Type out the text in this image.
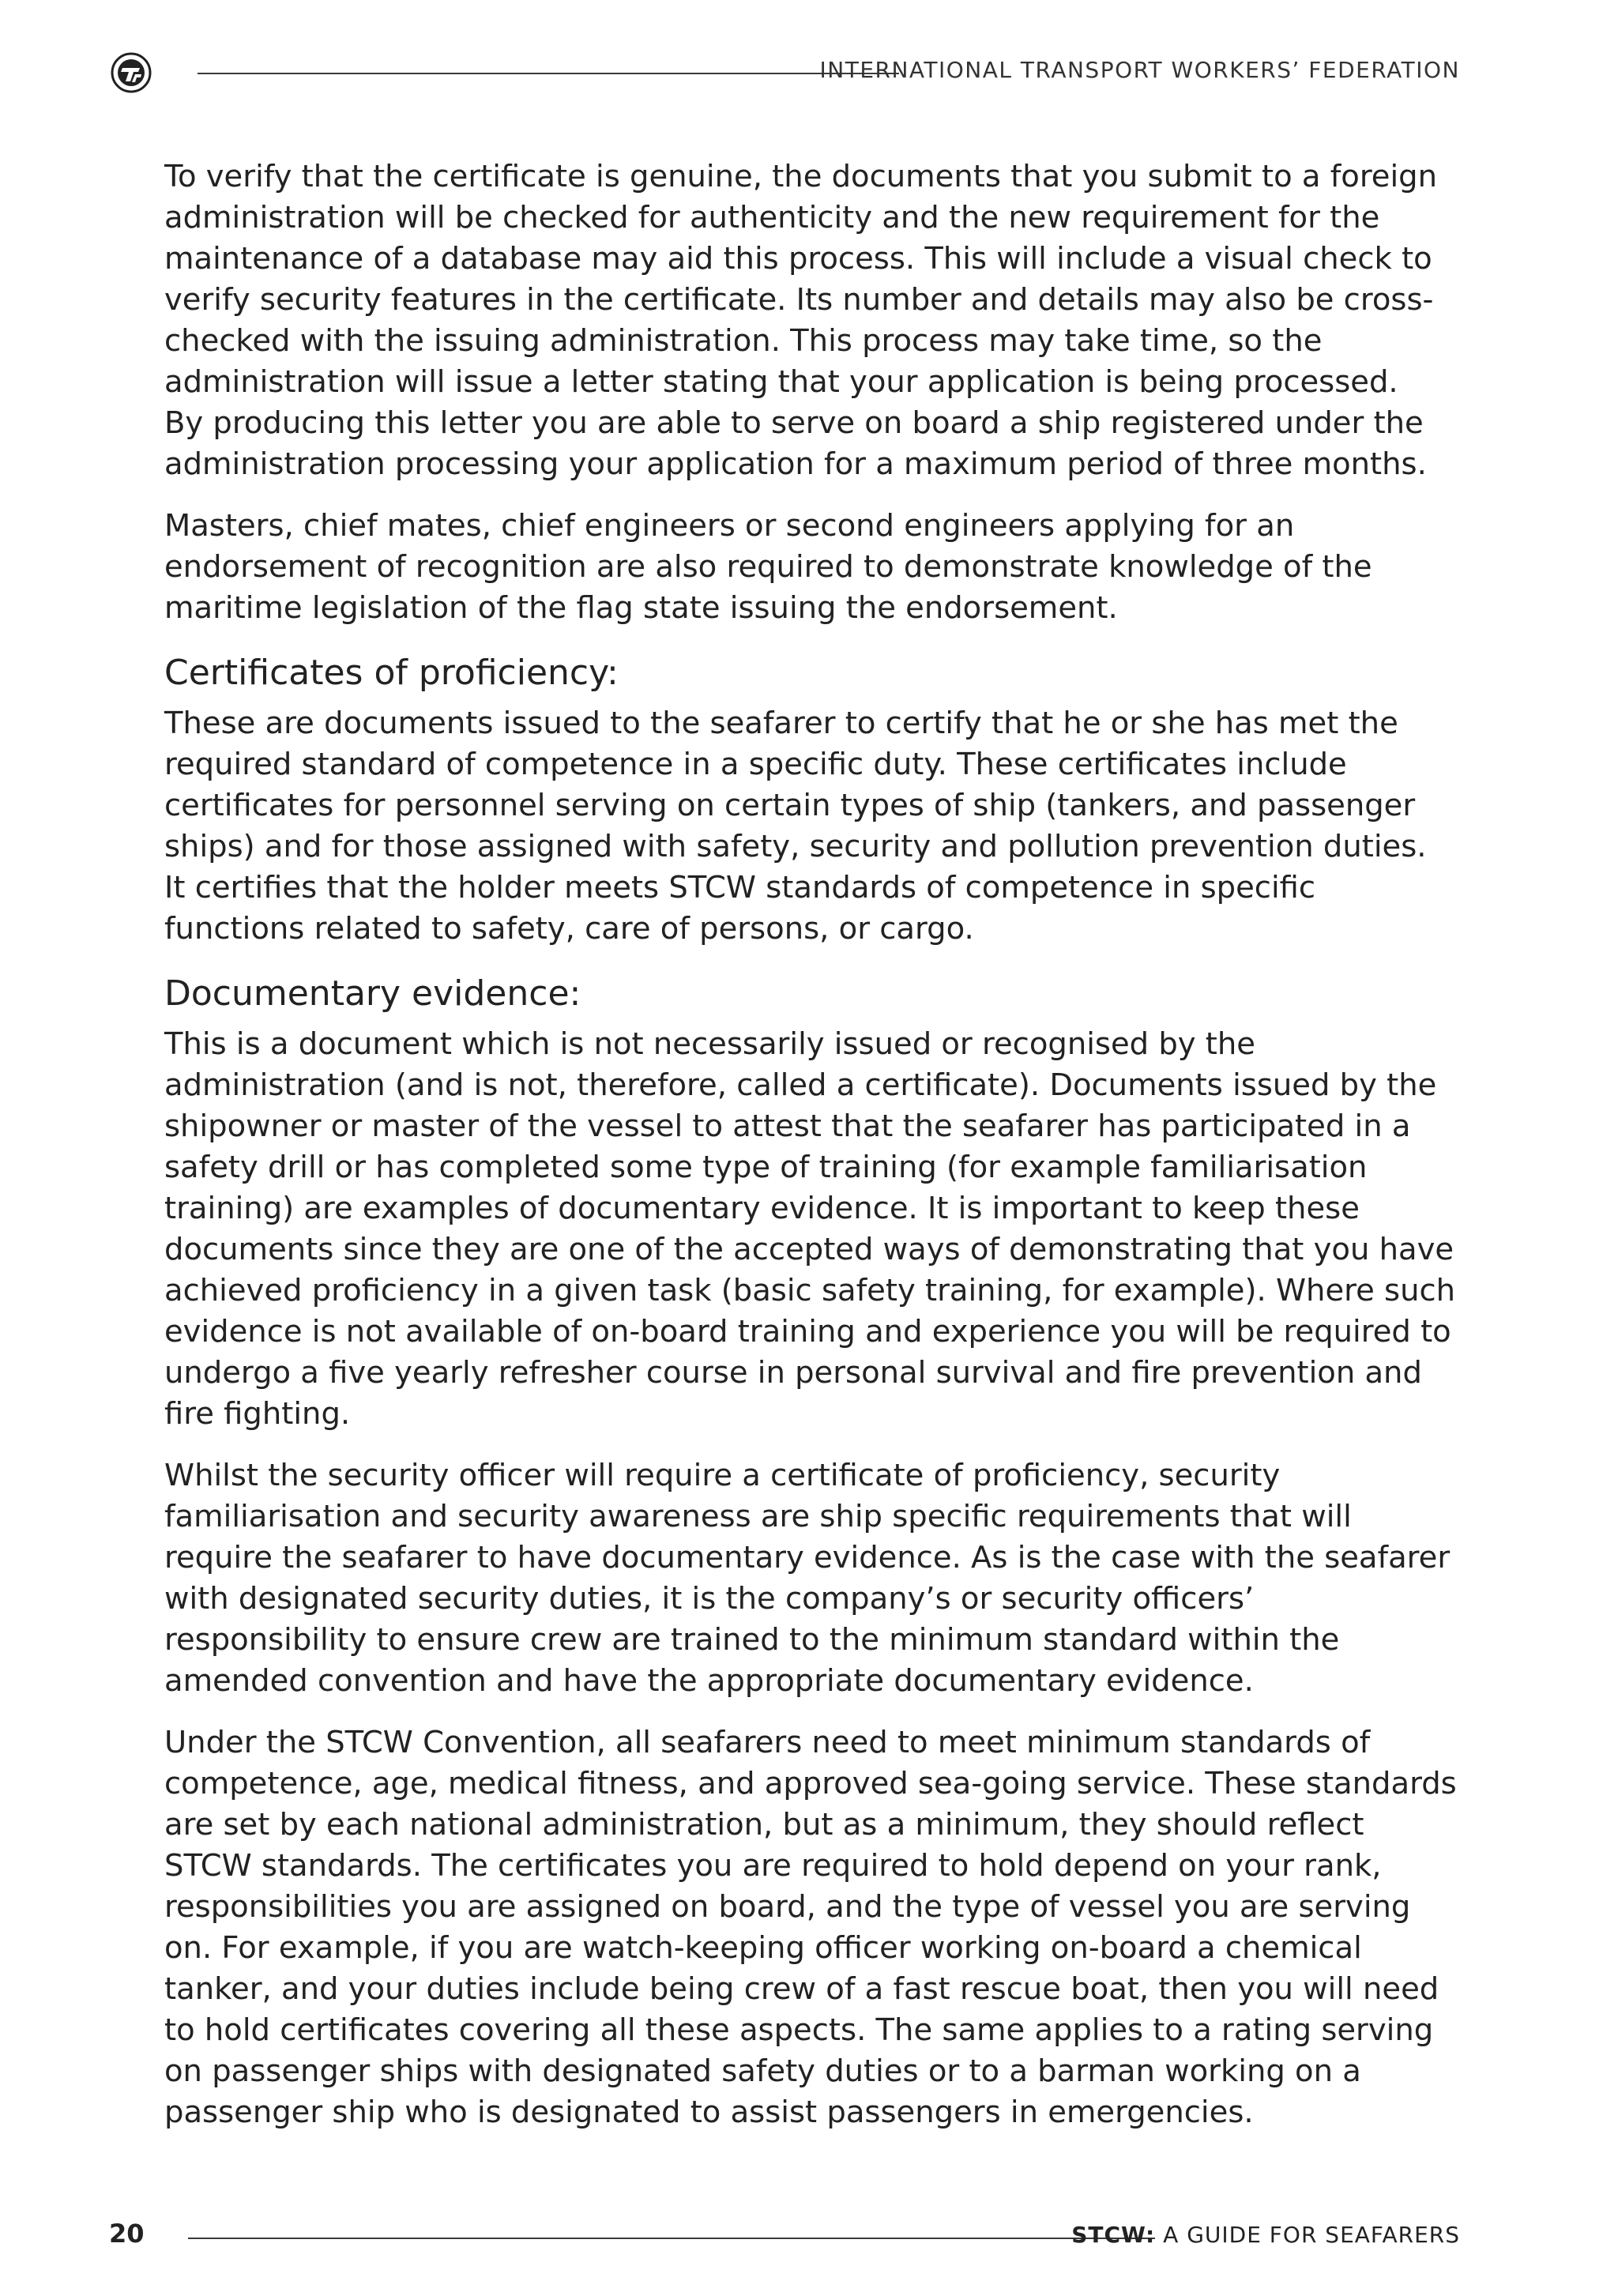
INTERNATIONAL TRANSPORT WORKERS’ FEDERATION

To verify that the certificate is genuine, the documents that you submit to a foreign administration will be checked for authenticity and the new requirement for the maintenance of a database may aid this process. This will include a visual check to verify security features in the certificate. Its number and details may also be cross-checked with the issuing administration. This process may take time, so the administration will issue a letter stating that your application is being processed.
By producing this letter you are able to serve on board a ship registered under the administration processing your application for a maximum period of three months.

Masters, chief mates, chief engineers or second engineers applying for an endorsement of recognition are also required to demonstrate knowledge of the maritime legislation of the flag state issuing the endorsement.

Certificates of proficiency:

These are documents issued to the seafarer to certify that he or she has met the required standard of competence in a specific duty. These certificates include certificates for personnel serving on certain types of ship (tankers, and passenger ships) and for those assigned with safety, security and pollution prevention duties.
It certifies that the holder meets STCW standards of competence in specific functions related to safety, care of persons, or cargo.

Documentary evidence:

This is a document which is not necessarily issued or recognised by the administration (and is not, therefore, called a certificate). Documents issued by the shipowner or master of the vessel to attest that the seafarer has participated in a safety drill or has completed some type of training (for example familiarisation training) are examples of documentary evidence. It is important to keep these documents since they are one of the accepted ways of demonstrating that you have achieved proficiency in a given task (basic safety training, for example). Where such evidence is not available of on-board training and experience you will be required to undergo a five yearly refresher course in personal survival and fire prevention and fire fighting.

Whilst the security officer will require a certificate of proficiency, security familiarisation and security awareness are ship specific requirements that will require the seafarer to have documentary evidence. As is the case with the seafarer with designated security duties, it is the company’s or security officers’ responsibility to ensure crew are trained to the minimum standard within the amended convention and have the appropriate documentary evidence.

Under the STCW Convention, all seafarers need to meet minimum standards of competence, age, medical fitness, and approved sea-going service. These standards are set by each national administration, but as a minimum, they should reflect STCW standards. The certificates you are required to hold depend on your rank, responsibilities you are assigned on board, and the type of vessel you are serving on. For example, if you are watch-keeping officer working on-board a chemical tanker, and your duties include being crew of a fast rescue boat, then you will need to hold certificates covering all these aspects. The same applies to a rating serving on passenger ships with designated safety duties or to a barman working on a passenger ship who is designated to assist passengers in emergencies.

20	STCW: A GUIDE FOR SEAFARERS
